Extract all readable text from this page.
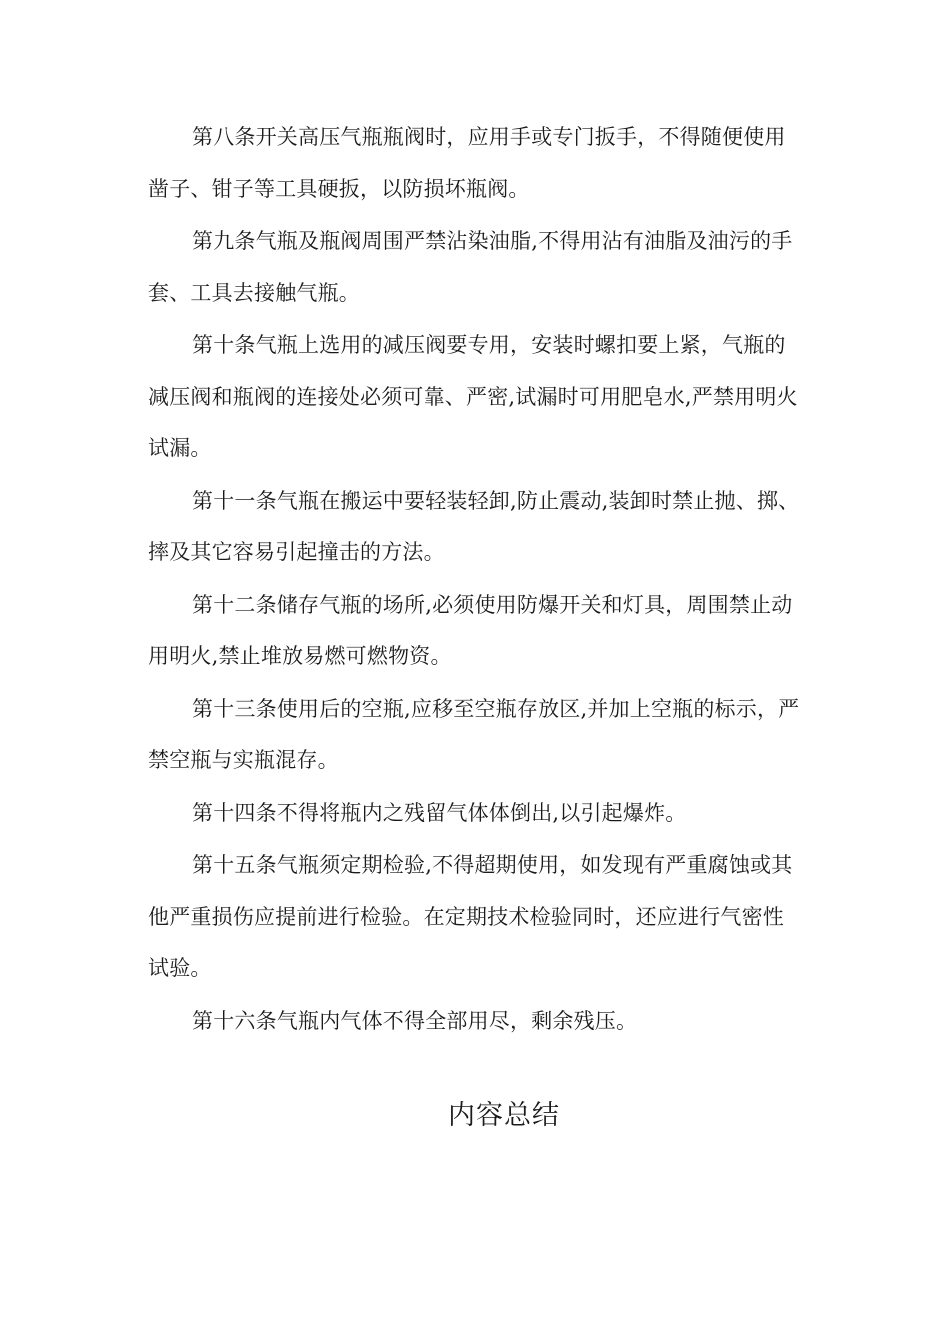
第八条开关高压气瓶瓶阀时，应用手或专门扳手，不得随便使用凿子、钳子等工具硬扳，以防损坏瓶阀。

第九条气瓶及瓶阀周围严禁沾染油脂,不得用沾有油脂及油污的手套、工具去接触气瓶。

第十条气瓶上选用的减压阀要专用，安装时螺扣要上紧，气瓶的减压阀和瓶阀的连接处必须可靠、严密,试漏时可用肥皂水,严禁用明火试漏。

第十一条气瓶在搬运中要轻装轻卸,防止震动,装卸时禁止抛、掷、摔及其它容易引起撞击的方法。

第十二条储存气瓶的场所,必须使用防爆开关和灯具，周围禁止动用明火,禁止堆放易燃可燃物资。

第十三条使用后的空瓶,应移至空瓶存放区,并加上空瓶的标示，严禁空瓶与实瓶混存。

第十四条不得将瓶内之残留气体体倒出,以引起爆炸。

第十五条气瓶须定期检验,不得超期使用，如发现有严重腐蚀或其他严重损伤应提前进行检验。在定期技术检验同时，还应进行气密性试验。

第十六条气瓶内气体不得全部用尽，剩余残压。

内容总结
